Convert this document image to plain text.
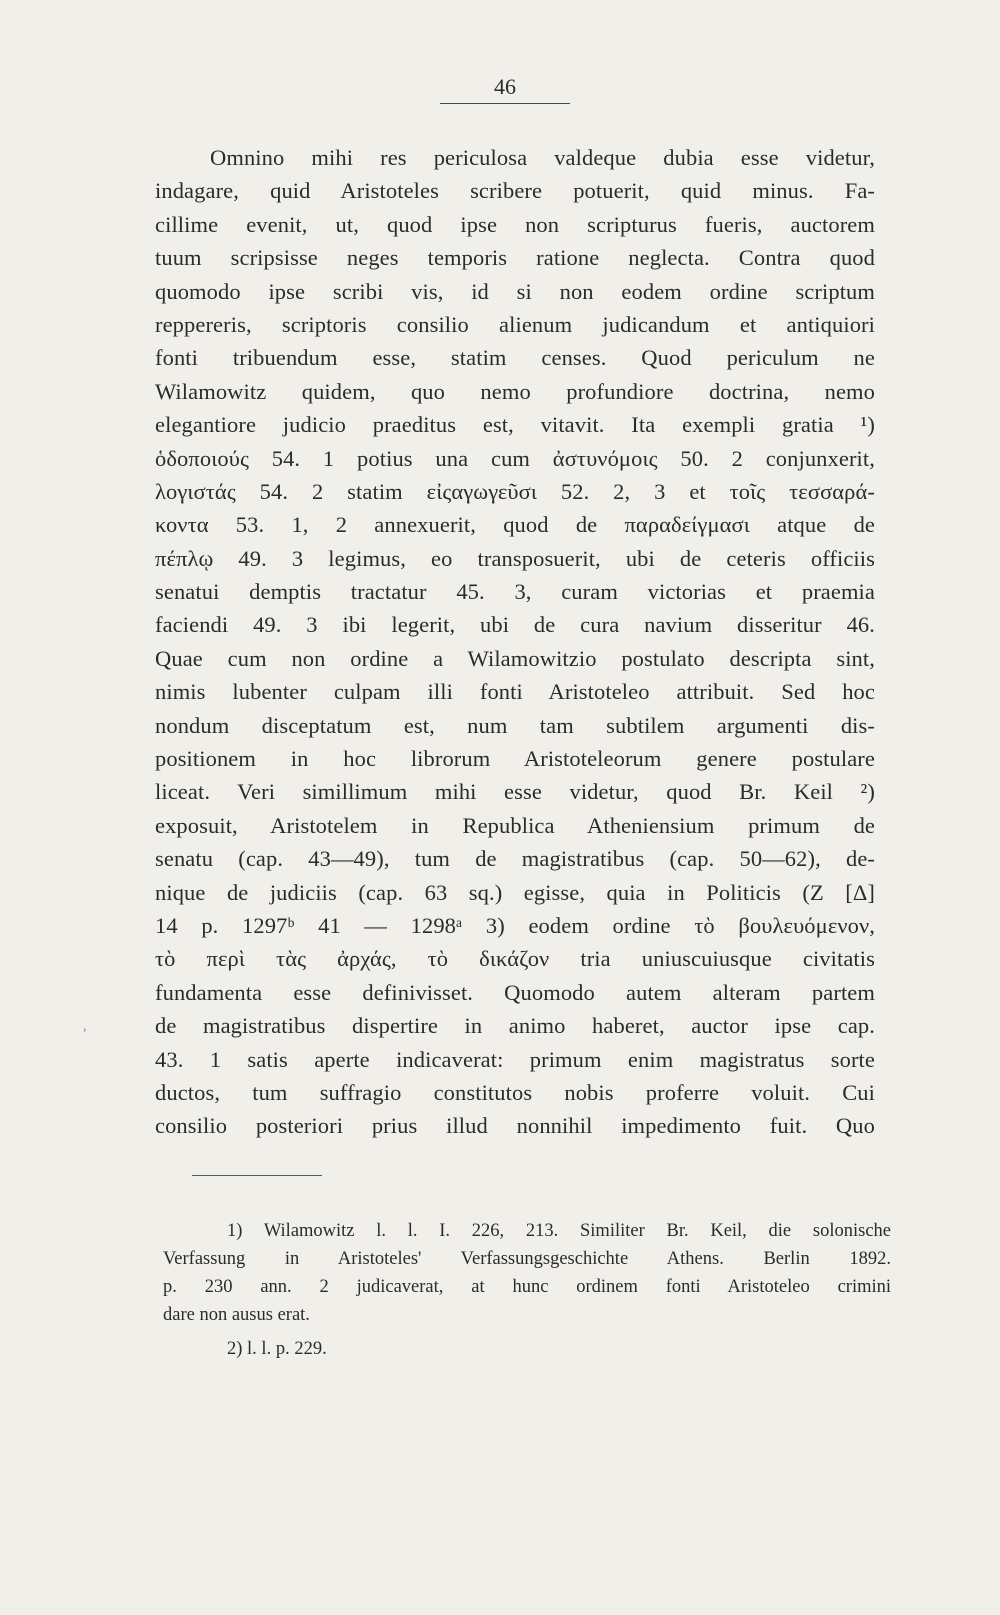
46
Omnino mihi res periculosa valdeque dubia esse videtur,
indagare, quid Aristoteles scribere potuerit, quid minus. Fa-
cillime evenit, ut, quod ipse non scripturus fueris, auctorem
tuum scripsisse neges temporis ratione neglecta. Contra quod
quomodo ipse scribi vis, id si non eodem ordine scriptum
reppereris, scriptoris consilio alienum judicandum et antiquiori
fonti tribuendum esse, statim censes. Quod periculum ne
Wilamowitz quidem, quo nemo profundiore doctrina, nemo
elegantiore judicio praeditus est, vitavit. Ita exempli gratia ¹)
ὁδοποιούς 54. 1 potius una cum ἀστυνόμοις 50. 2 conjunxerit,
λογιστάς 54. 2 statim εἰςαγωγεῦσι 52. 2, 3 et τοῖς τεσσαρά-
κοντα 53. 1, 2 annexuerit, quod de παραδείγμασι atque de
πέπλῳ 49. 3 legimus, eo transposuerit, ubi de ceteris officiis
senatui demptis tractatur 45. 3, curam victorias et praemia
faciendi 49. 3 ibi legerit, ubi de cura navium disseritur 46.
Quae cum non ordine a Wilamowitzio postulato descripta sint,
nimis lubenter culpam illi fonti Aristoteleo attribuit. Sed hoc
nondum disceptatum est, num tam subtilem argumenti dis-
positionem in hoc librorum Aristoteleorum genere postulare
liceat. Veri simillimum mihi esse videtur, quod Br. Keil ²)
exposuit, Aristotelem in Republica Atheniensium primum de
senatu (cap. 43—49), tum de magistratibus (cap. 50—62), de-
nique de judiciis (cap. 63 sq.) egisse, quia in Politicis (Z [Δ]
14 p. 1297ᵇ 41 — 1298ᵃ 3) eodem ordine τὸ βουλευόμενον,
τὸ περὶ τὰς ἀρχάς, τὸ δικάζον tria uniuscuiusque civitatis
fundamenta esse definivisset. Quomodo autem alteram partem
de magistratibus dispertire in animo haberet, auctor ipse cap.
43. 1 satis aperte indicaverat: primum enim magistratus sorte
ductos, tum suffragio constitutos nobis proferre voluit. Cui
consilio posteriori prius illud nonnihil impedimento fuit. Quo
ʾ
1) Wilamowitz l. l. I. 226, 213. Similiter Br. Keil, die solonische
Verfassung in Aristoteles' Verfassungsgeschichte Athens. Berlin 1892.
p. 230 ann. 2 judicaverat, at hunc ordinem fonti Aristoteleo crimini
dare non ausus erat.
2) l. l. p. 229.
